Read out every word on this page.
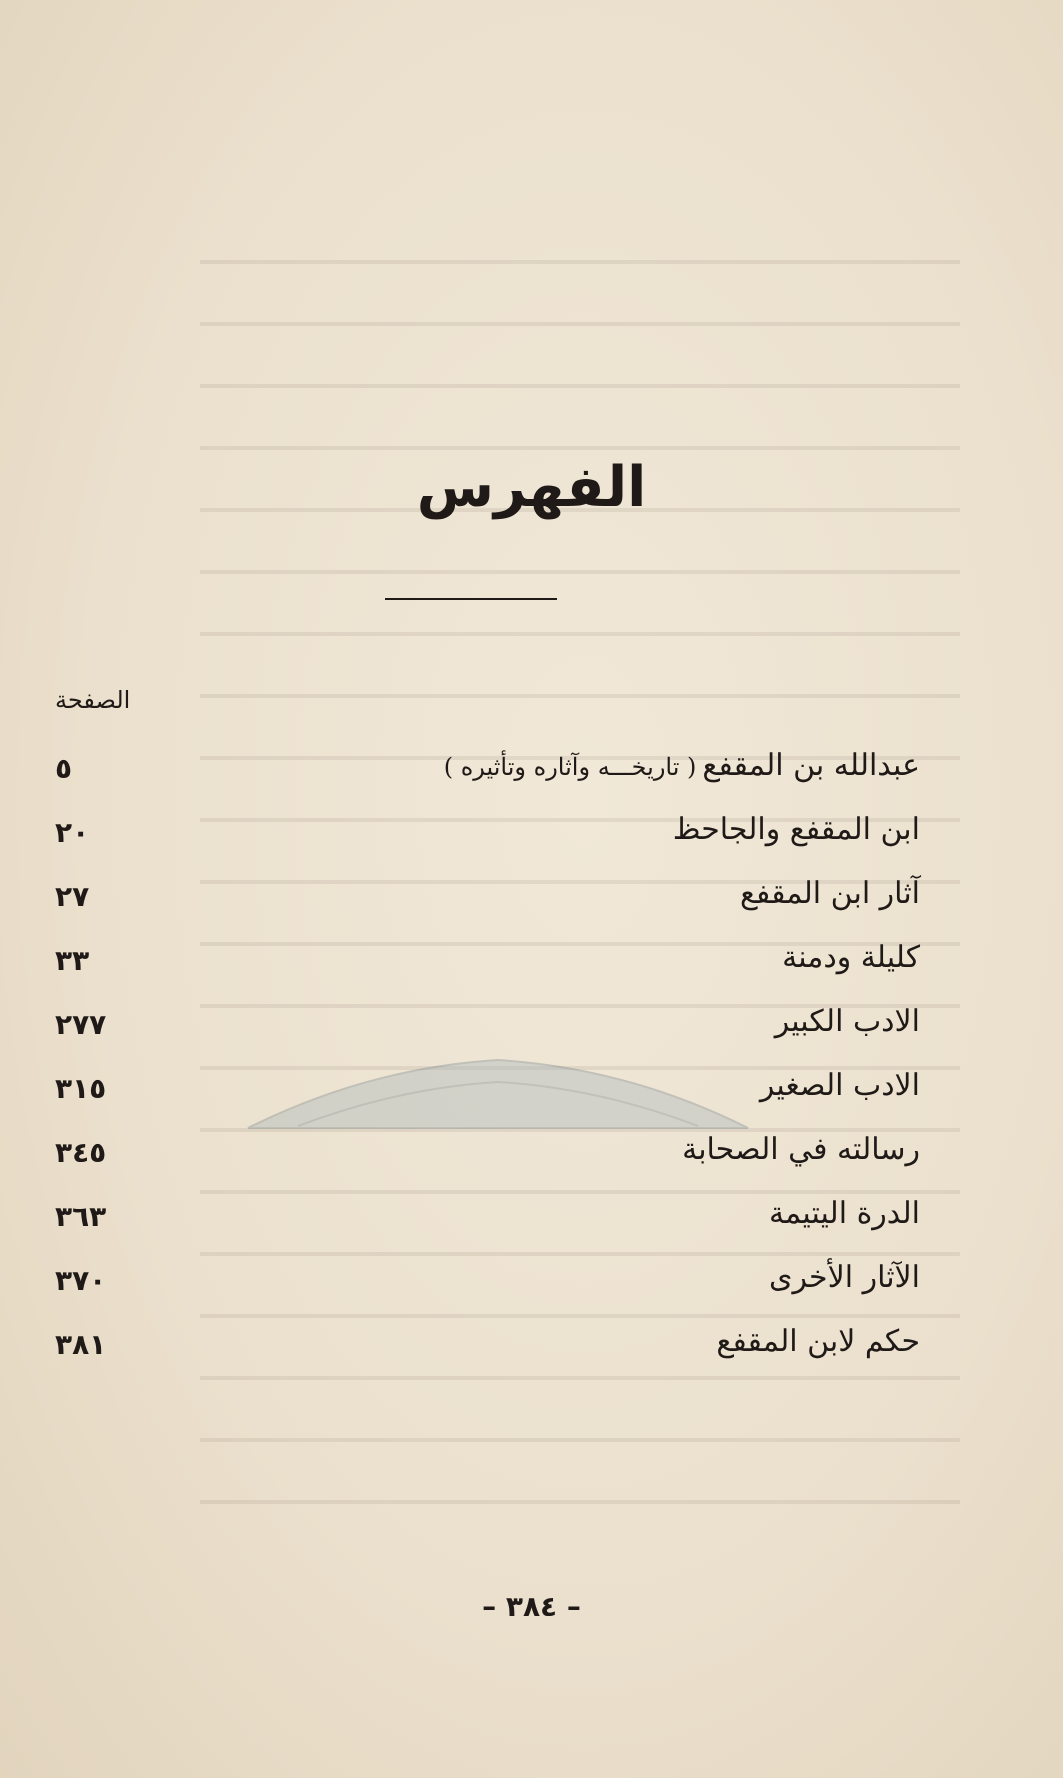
الفهرس
الصفحة
عبدالله بن المقفع( تاريخـــه وآثاره وتأثيره )
٥
ابن المقفع والجاحظ
٢٠
آثار ابن المقفع
٢٧
كليلة ودمنة
٣٣
الادب الكبير
٢٧٧
الادب الصغير
٣١٥
رسالته في الصحابة
٣٤٥
الدرة اليتيمة
٣٦٣
الآثار الأخرى
٣٧٠
حكم لابن المقفع
٣٨١
– ٣٨٤ –
